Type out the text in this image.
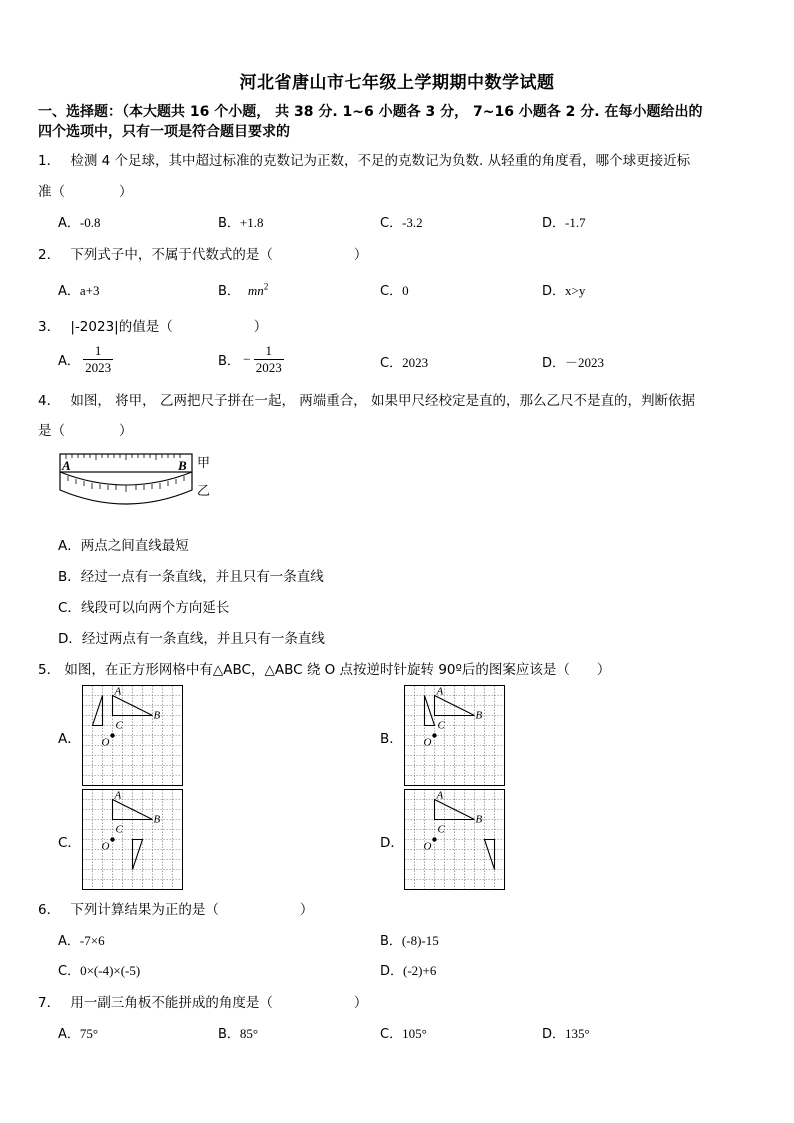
河北省唐山市七年级上学期期中数学试题
一、选择题：（本大题共 16 个小题， 共 38 分. 1~6 小题各 3 分， 7~16 小题各 2 分. 在每小题给出的
四个选项中，只有一项是符合题目要求的
1． 检测 4 个足球，其中超过标准的克数记为正数，不足的克数记为负数. 从轻重的角度看，哪个球更接近标
准（　　　　）
A．-0.8	B．+1.8	C．-3.2	D．-1.7
2． 下列式子中，不属于代数式的是（　　　　　　）
A．a+3	B． $mn^2$	C．0	D．x>y
3． |-2023|的值是（　　　　　　）
A． $\frac{1}{2023}$	B． − $\frac{1}{2023}$	C．2023	D．－2023
4． 如图， 将甲， 乙两把尺子拼在一起， 两端重合， 如果甲尺经校定是直的，那么乙尺不是直的，判断依据
是（　　　　）
A	B 甲
乙
A．两点之间直线最短
B．经过一点有一条直线，并且只有一条直线
C．线段可以向两个方向延长
D．经过两点有一条直线，并且只有一条直线
5． 如图，在正方形网格中有△ABC，△ABC 绕 O 点按逆时针旋转 90º后的图案应该是（　　）
A．	B．
C．	D．
A
B
C
O
A
B
C
O
A
B
C
O
A
B
C
O
6． 下列计算结果为正的是（　　　　　　）
A．-7×6	B．(-8)-15
C．0×(-4)×(-5)	D．(-2)+6
7． 用一副三角板不能拼成的角度是（　　　　　　）
A．75°	B．85°	C．105°	D．135°
